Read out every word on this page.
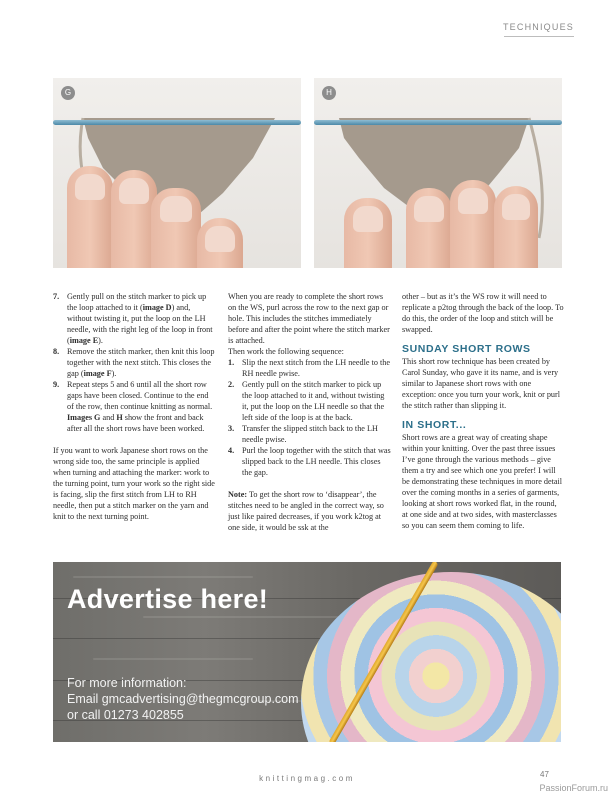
TECHNIQUES
G	H
7. Gently pull on the stitch marker to pick up the loop attached to it (image D) and, without twisting it, put the loop on the LH needle, with the right leg of the loop in front (image E).
8. Remove the stitch marker, then knit this loop together with the next stitch. This closes the gap (image F).
9. Repeat steps 5 and 6 until all the short row gaps have been closed. Continue to the end of the row, then continue knitting as normal. Images G and H show the front and back after all the short rows have been worked.

If you want to work Japanese short rows on the wrong side too, the same principle is applied when turning and attaching the marker: work to the turning point, turn your work so the right side is facing, slip the first stitch from LH to RH needle, then put a stitch marker on the yarn and knit to the next turning point.

When you are ready to complete the short rows on the WS, purl across the row to the next gap or hole. This includes the stitches immediately before and after the point where the stitch marker is attached.

Then work the following sequence:

1. Slip the next stitch from the LH needle to the RH needle pwise.
2. Gently pull on the stitch marker to pick up the loop attached to it and, without twisting it, put the loop on the LH needle so that the left side of the loop is at the back.
3. Transfer the slipped stitch back to the LH needle pwise.
4. Purl the loop together with the stitch that was slipped back to the LH needle. This closes the gap.

Note: To get the short row to ‘disappear’, the stitches need to be angled in the correct way, so just like paired decreases, if you work k2tog at one side, it would be ssk at the

other – but as it’s the WS row it will need to replicate a p2tog through the back of the loop. To do this, the order of the loop and stitch will be swapped.

SUNDAY SHORT ROWS

This short row technique has been created by Carol Sunday, who gave it its name, and is very similar to Japanese short rows with one exception: once you turn your work, knit or purl the stitch rather than slipping it.

IN SHORT...

Short rows are a great way of creating shape within your knitting. Over the past three issues I’ve gone through the various methods – give them a try and see which one you prefer! I will be demonstrating these techniques in more detail over the coming months in a series of garments, looking at short rows worked flat, in the round, at one side and at two sides, with masterclasses so you can seem them coming to life.

Advertise here!
For more information:
Email gmcadvertising@thegmcgroup.com
or call 01273 402855
knittingmag.com	47
PassionForum.ru
